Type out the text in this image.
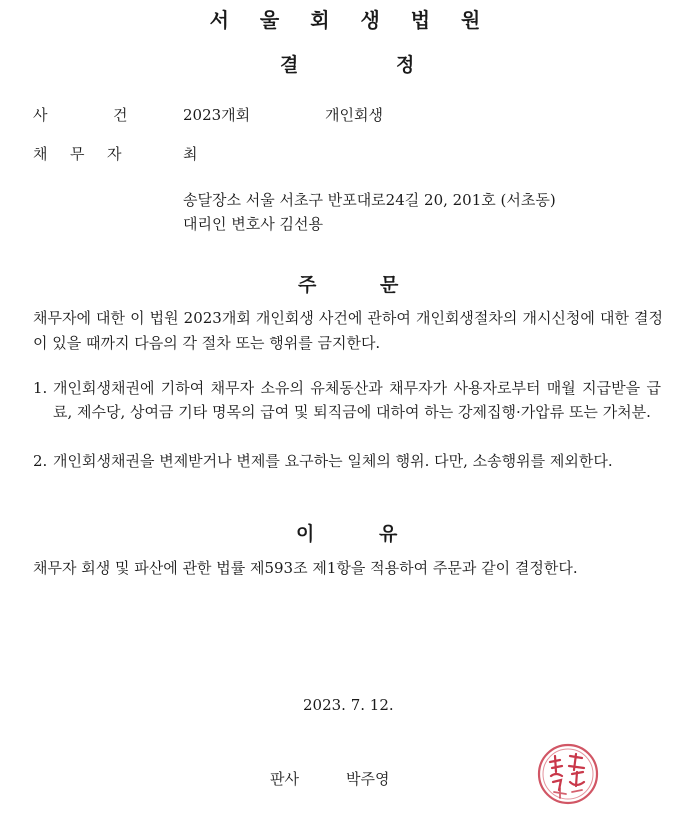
서 울 회 생 법 원
결	정
사	건	2023개회	개인회생
채 무 자	최
송달장소 서울 서초구 반포대로24길 20, 201호 (서초동)
대리인 변호사 김선용
주	문
채무자에 대한 이 법원 2023개회 개인회생 사건에 관하여 개인회생절차의 개시신청에 대한 결정이 있을 때까지 다음의 각 절차 또는 행위를 금지한다.
1. 개인회생채권에 기하여 채무자 소유의 유체동산과 채무자가 사용자로부터 매월 지급받을 급료, 제수당, 상여금 기타 명목의 급여 및 퇴직금에 대하여 하는 강제집행·가압류 또는 가처분.
2. 개인회생채권을 변제받거나 변제를 요구하는 일체의 행위. 다만, 소송행위를 제외한다.
이	유
채무자 회생 및 파산에 관한 법률 제593조 제1항을 적용하여 주문과 같이 결정한다.
2023. 7. 12.
판사	박주영
